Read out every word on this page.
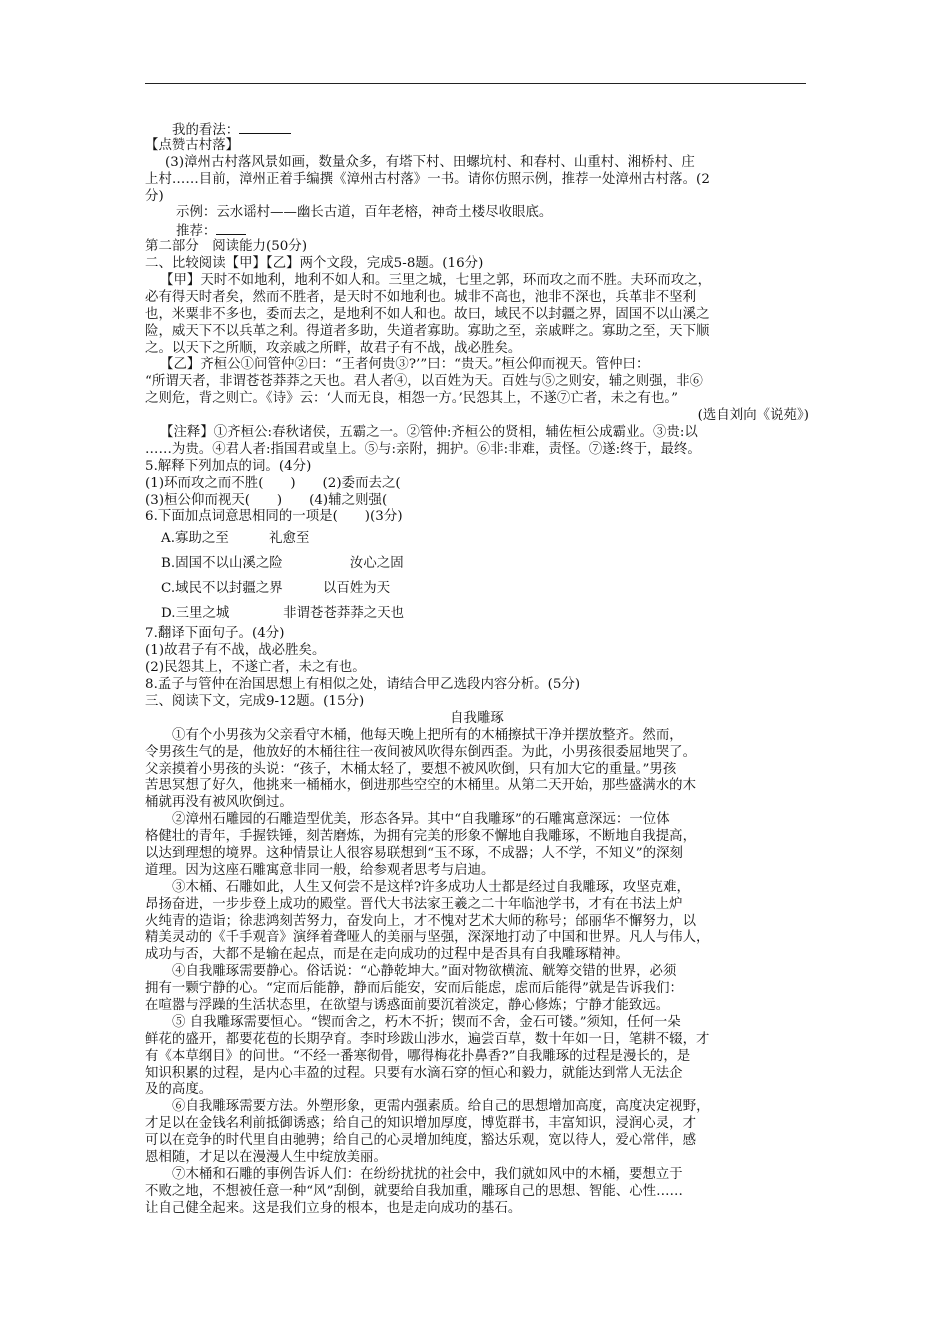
我的看法：
【点赞古村落】
(3)漳州古村落风景如画，数量众多，有塔下村、田螺坑村、和春村、山重村、湘桥村、庄
上村……目前，漳州正着手编撰《漳州古村落》一书。请你仿照示例，推荐一处漳州古村落。(2
分)
示例：云水谣村——幽长古道，百年老榕，神奇土楼尽收眼底。
推荐：
第二部分　阅读能力(50分)
二、比较阅读【甲】【乙】两个文段，完成5-8题。(16分)
【甲】天时不如地利，地利不如人和。三里之城，七里之郭，环而攻之而不胜。夫环而攻之，
必有得天时者矣，然而不胜者，是天时不如地利也。城非不高也，池非不深也，兵革非不坚利
也，米粟非不多也，委而去之，是地利不如人和也。故曰，域民不以封疆之界，固国不以山溪之
险，威天下不以兵革之利。得道者多助，失道者寡助。寡助之至，亲戚畔之。寡助之至，天下顺
之。以天下之所顺，攻亲戚之所畔，故君子有不战，战必胜矣。
【乙】齐桓公①问管仲②曰：“王者何贵③?’”曰：“贵天。”桓公仰而视天。管仲曰：
“所谓天者，非谓苍苍莽莽之天也。君人者④，以百姓为天。百姓与⑤之则安，辅之则强，非⑥
之则危，背之则亡。《诗》云：‘人而无良，相怨一方。’民怨其上，不遂⑦亡者，未之有也。”
(选自刘向《说苑》)
【注释】①齐桓公:春秋诸侯，五霸之一。②管仲:齐桓公的贤相，辅佐桓公成霸业。③贵:以
……为贵。④君人者:指国君或皇上。⑤与:亲附，拥护。⑥非:非难，责怪。⑦遂:终于，最终。
5.解释下列加点的词。(4分)
(1)环而攻之而不胜(　　)　　(2)委而去之(
(3)桓公仰而视天(　　)　　(4)辅之则强(
6.下面加点词意思相同的一项是(　　)(3分)
A.寡助之至　　　礼愈至
B.固国不以山溪之险　　　　　汝心之固
C.域民不以封疆之界　　　以百姓为天
D.三里之城　　　　非谓苍苍莽莽之天也
7.翻译下面句子。(4分)
(1)故君子有不战，战必胜矣。
(2)民怨其上，不遂亡者，未之有也。
8.孟子与管仲在治国思想上有相似之处，请结合甲乙选段内容分析。(5分)
三、阅读下文，完成9-12题。(15分)
自我雕琢
①有个小男孩为父亲看守木桶，他每天晚上把所有的木桶擦拭干净并摆放整齐。然而，
令男孩生气的是，他放好的木桶往往一夜间被风吹得东倒西歪。为此，小男孩很委屈地哭了。
父亲摸着小男孩的头说：“孩子，木桶太轻了，要想不被风吹倒，只有加大它的重量。”男孩
苦思冥想了好久，他挑来一桶桶水，倒进那些空空的木桶里。从第二天开始，那些盛满水的木
桶就再没有被风吹倒过。
②漳州石雕园的石雕造型优美，形态各异。其中“自我雕琢”的石雕寓意深远：一位体
格健壮的青年，手握铁锤，刻苦磨炼，为拥有完美的形象不懈地自我雕琢，不断地自我提高，
以达到理想的境界。这种情景让人很容易联想到“玉不琢，不成器；人不学，不知义”的深刻
道理。因为这座石雕寓意非同一般，给参观者思考与启迪。
③木桶、石雕如此，人生又何尝不是这样?许多成功人士都是经过自我雕琢，攻坚克难，
昂扬奋进，一步步登上成功的殿堂。晋代大书法家王羲之二十年临池学书，才有在书法上炉
火纯青的造诣；徐悲鸿刻苦努力，奋发向上，才不愧对艺术大师的称号；邰丽华不懈努力，以
精美灵动的《千手观音》演绎着聋哑人的美丽与坚强，深深地打动了中国和世界。凡人与伟人，
成功与否，大都不是输在起点，而是在走向成功的过程中是否具有自我雕琢精神。
④自我雕琢需要静心。俗话说：“心静乾坤大。”面对物欲横流、觥筹交错的世界，必须
拥有一颗宁静的心。“定而后能静，静而后能安，安而后能虑，虑而后能得”就是告诉我们：
在喧嚣与浮躁的生活状态里，在欲望与诱惑面前要沉着淡定，静心修炼；宁静才能致远。
⑤ 自我雕琢需要恒心。“锲而舍之，朽木不折；锲而不舍，金石可镂。”须知，任何一朵
鲜花的盛开，都要花苞的长期孕育。李时珍跋山涉水，遍尝百草，数十年如一日，笔耕不辍，才
有《本草纲目》的问世。“不经一番寒彻骨，哪得梅花扑鼻香?”自我雕琢的过程是漫长的，是
知识积累的过程，是内心丰盈的过程。只要有水滴石穿的恒心和毅力，就能达到常人无法企
及的高度。
⑥自我雕琢需要方法。外塑形象，更需内强素质。给自己的思想增加高度，高度决定视野，
才足以在金钱名利前抵御诱惑；给自己的知识增加厚度，博览群书，丰富知识，浸润心灵，才
可以在竞争的时代里自由驰骋；给自己的心灵增加纯度，豁达乐观，宽以待人，爱心常伴，感
恩相随，才足以在漫漫人生中绽放美丽。
⑦木桶和石雕的事例告诉人们：在纷纷扰扰的社会中，我们就如风中的木桶，要想立于
不败之地，不想被任意一种“风”刮倒，就要给自我加重，雕琢自己的思想、智能、心性……
让自己健全起来。这是我们立身的根本，也是走向成功的基石。
